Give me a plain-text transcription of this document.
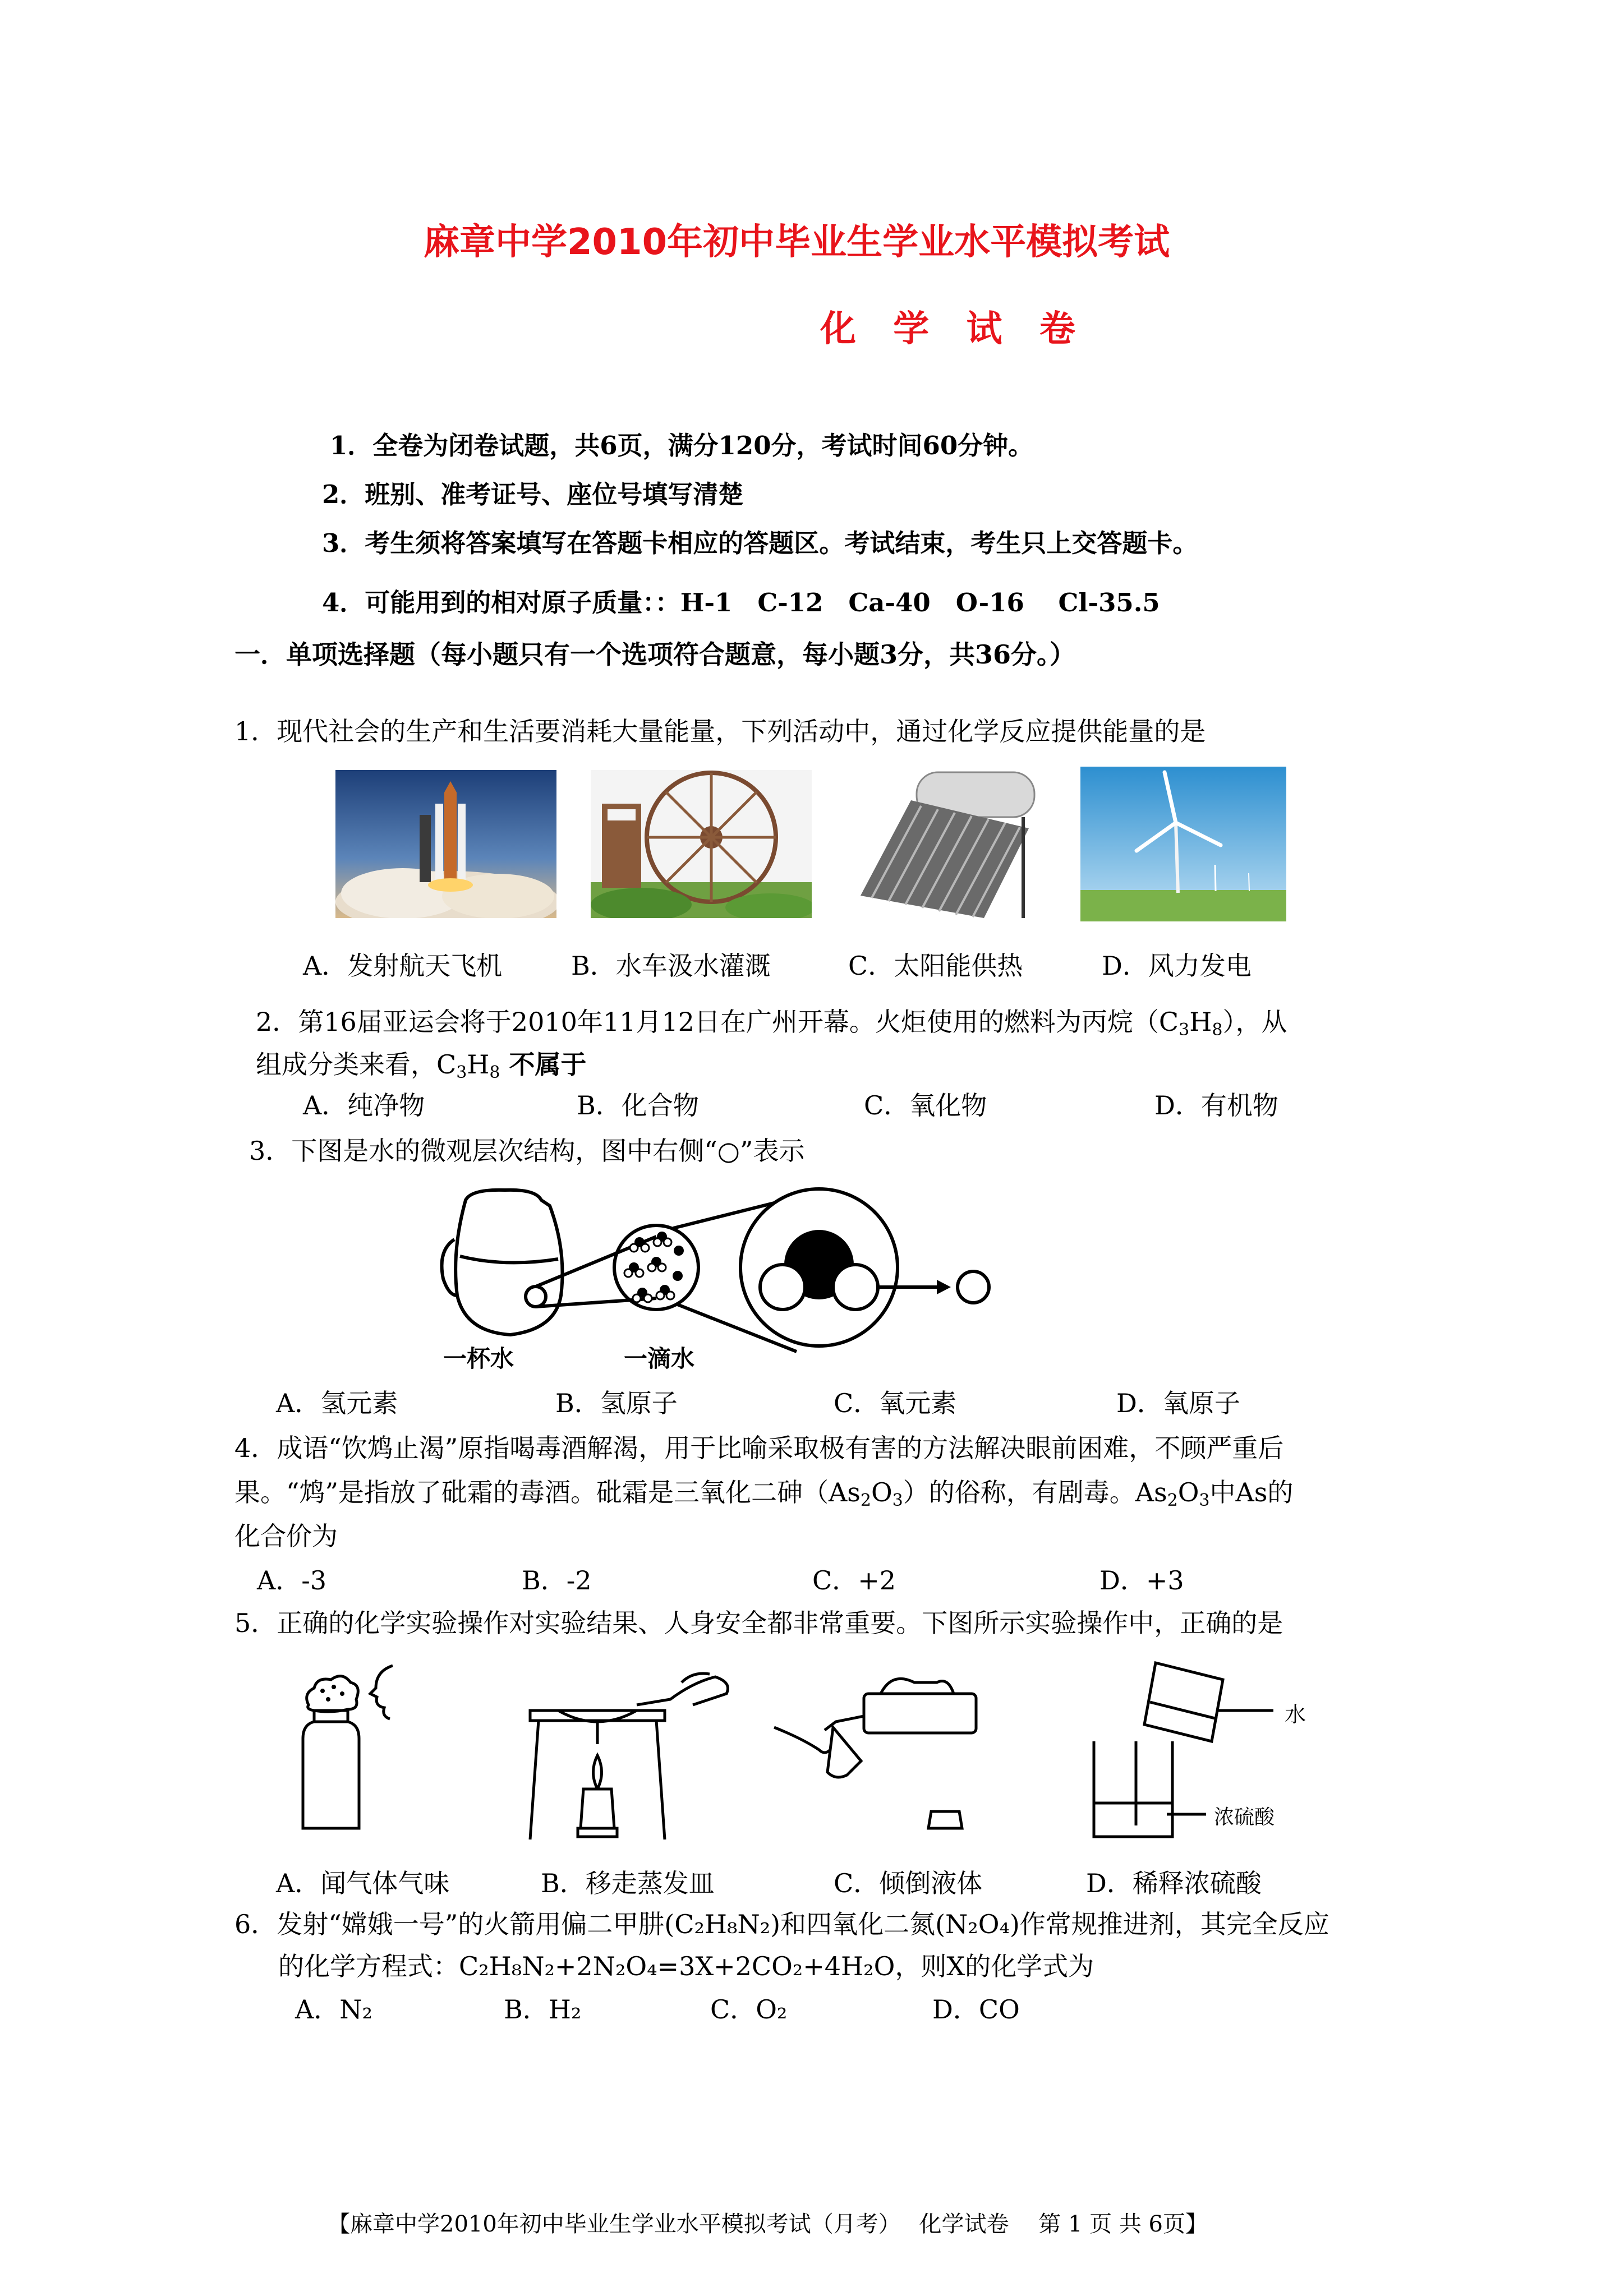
麻章中学2010年初中毕业生学业水平模拟考试
化 学 试 卷
1．全卷为闭卷试题，共6页，满分120分，考试时间60分钟。
2．班别、准考证号、座位号填写清楚
3．考生须将答案填写在答题卡相应的答题区。考试结束，考生只上交答题卡。
4．可能用到的相对原子质量：：H-1　C-12　Ca-40　O-16　 Cl-35.5
一．单项选择题（每小题只有一个选项符合题意，每小题3分，共36分。）
1．现代社会的生产和生活要消耗大量能量，下列活动中，通过化学反应提供能量的是
A．发射航天飞机	B．水车汲水灌溉	C．太阳能供热	D．风力发电
2．第16届亚运会将于2010年11月12日在广州开幕。火炬使用的燃料为丙烷$(C_3H_8)$，从
组成分类来看，$C_3H_8$ 不属于
A．纯净物	B．化合物	C．氧化物	D．有机物
3．下图是水的微观层次结构，图中右侧“○”表示
一杯水	一滴水
A．氢元素	B．氢原子	C．氧元素	D．氧原子
4．成语“饮鸩止渴”原指喝毒酒解渴，用于比喻采取极有害的方法解决眼前困难，不顾严重后
果。“鸩”是指放了砒霜的毒酒。砒霜是三氧化二砷$(As_2O_3)$的俗称，有剧毒。$As_2O_3$中As的
化合价为
A．-3	B．-2	C．+2	D．+3
5．正确的化学实验操作对实验结果、人身安全都非常重要。下图所示实验操作中，正确的是
水
浓硫酸
A．闻气体气味	B．移走蒸发皿	C．倾倒液体	D．稀释浓硫酸
6．发射“嫦娥一号”的火箭用偏二甲肼(C₂H₈N₂)和四氧化二氮(N₂O₄)作常规推进剂，其完全反应
的化学方程式：C₂H₈N₂+2N₂O₄=3X+2CO₂+4H₂O，则X的化学式为
A．N₂	B．H₂	C．O₂	D．CO
【麻章中学2010年初中毕业生学业水平模拟考试（月考）　 化学试卷　 第 1 页 共 6页】
